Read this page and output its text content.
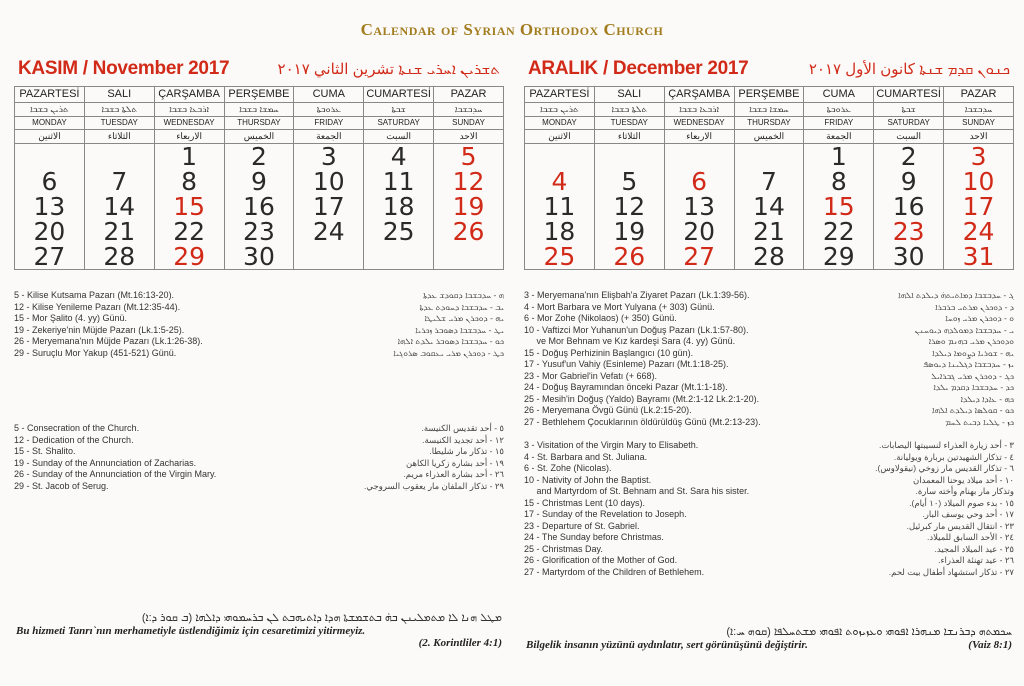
Calendar of Syrian Orthodox Church
KASIM / November 2017	ܬܫܪܝܢ ܐܚܪܝ ܫܢܬܐ تشرين الثاني ٢٠١٧
PAZARTESİ	SALI	ÇARŞAMBA	PERŞEMBE	CUMA	CUMARTESİ	PAZAR
ܬܪܝܢ ܒܫܒܐ	ܬܠܬܐ ܒܫܒܐ	ܐܪܒܥܐ ܒܫܒܐ	ܚܡܫܐ ܒܫܒܐ	ܥܪܘܒܬܐ	ܫܒܬܐ	ܚܕܒܫܒܐ
MONDAY	TUESDAY	WEDNESDAY	THURSDAY	FRIDAY	SATURDAY	SUNDAY
الاثنين	الثلاثاء	الاربعاء	الخميس	الجمعة	السبت	الاحد
		1	2	3	4	5
6	7	8	9	10	11	12
13	14	15	16	17	18	19
20	21	22	23	24	25	26
27	28	29	30			
5 - Kilise Kutsama Pazarı (Mt.16:13-20).	ܗ - ܚܕܒܫܒܐ ܕܩܘܕܫ ܥܕܬܐ
12 - Kilise Yenileme Pazarı (Mt.12:35-44).	ܝܒ - ܚܕܒܫܒܐ ܕܚܘܕܬ ܥܕܬܐ
15 - Mor Şalito (4. yy) Günü.	ܝܗ - ܕܘܟܪܢ ܡܪܝ ܫܠܝܛܐ
19 - Zekeriye'nin Müjde Pazarı (Lk.1:5-25).	ܝܛ - ܚܕܒܫܒܐ ܕܣܘܒܪ ܙܟܪܝܐ
26 - Meryemana'nın Müjde Pazarı (Lk.1:26-38).	ܟܘ - ܚܕܒܫܒܐ ܕܣܘܒܪ ܝܠܕܬ ܐܠܗܐ
29 - Suruçlu Mor Yakup (451-521) Günü.	ܟܛ - ܕܘܟܪܢ ܡܪܝ ܝܥܩܘܒ ܣܪܘܓܝܐ
5 - Consecration of the Church.	٥ - أحد تقديس الكنيسة.
12 - Dedication of the Church.	١٢ - أحد تجديد الكنيسة.
15 - St. Shalito.	١٥ - تذكار مار شليطا.
19 - Sunday of the Annunciation of Zacharias.	١٩ - أحد بشارة زكريا الكاهن
26 - Sunday of the Annunciation of the Virgin Mary.	٢٦ - أحد بشارة العذراء مريم.
29 - St. Jacob of Serug.	٢٩ - تذكار الملفان مار يعقوب السروجي.
ܡܛܠ ܗܢܐ ܠܐ ܡܬܡܠܝܢܢ ܒܗ̇ ܒܬܫܡܫܬܐ ܗܕܐ ܕܐܬܝܗܒܬ ܠܢ ܒܪܚܡܘܗܝ ܕܐܠܗܐ (ܒ ܩܘܪ ܕ:ܐ)
Bu hizmeti Tanrı`nın merhametiyle üstlendiğimiz için cesaretimizi yitirmeyiz.
(2. Korintliler 4:1)
ARALIK / December 2017	ܟܢܘܢ ܩܕܡ ܫܢܬܐ كانون الأول ٢٠١٧
PAZARTESİ	SALI	ÇARŞAMBA	PERŞEMBE	CUMA	CUMARTESİ	PAZAR
ܬܪܝܢ ܒܫܒܐ	ܬܠܬܐ ܒܫܒܐ	ܐܪܒܥܐ ܒܫܒܐ	ܚܡܫܐ ܒܫܒܐ	ܥܪܘܒܬܐ	ܫܒܬܐ	ܚܕܒܫܒܐ
MONDAY	TUESDAY	WEDNESDAY	THURSDAY	FRIDAY	SATURDAY	SUNDAY
الاثنين	الثلاثاء	الاربعاء	الخميس	الجمعة	السبت	الاحد
				1	2	3
4	5	6	7	8	9	10
11	12	13	14	15	16	17
18	19	20	21	22	23	24
25	26	27	28	29	30	31
3 - Meryemana'nın Elişbah'a Ziyaret Pazarı (Lk.1:39-56).	ܓ - ܚܕܒܫܒܐ ܕܡܐܬܝܬܗ̇ ܕܝܠܕܬ ܐܠܗܐ
4 - Mort Barbara ve Mort Yulyana (+ 303) Günü.	ܕ - ܕܘܟܪܢ ܡܪܬܝ ܒܪܒܪܐ
6 - Mor Zohe (Nikolaos) (+ 350) Günü.	ܘ - ܕܘܟܪܢ ܡܪܝ ܙܘܚܐ
10 - Vaftizci Mor Yuhanun'un Doğuş Pazarı (Lk.1:57-80).	ܝ - ܚܕܒܫܒܐ ܕܡܘܠܕܗ ܕܝܘܚܢܢ
ve Mor Behnam ve Kız kardeşi Sara (4. yy) Günü.	ܘܕܘܟܪܢ ܡܪܝ ܒܗܢܡ ܘܣܪܐ
15 - Doğuş Perhizinin Başlangıcı (10 gün).	ܝܗ - ܫܘܪܝܐ ܕܨܘܡܐ ܕܝܠܕܐ
17 - Yusuf'un Vahiy (Esinleme) Pazarı (Mt.1:18-25).	ܝܙ - ܚܕܒܫܒܐ ܕܓܠܝܢܐ ܕܝܘܣܦ
23 - Mor Gabriel'in Vefatı (+ 668).	ܟܓ - ܕܘܟܪܢ ܡܪܝ ܓܒܪܐܝܠ
24 - Doğuş Bayramından önceki Pazar (Mt.1:1-18).	ܟܕ - ܚܕܒܫܒܐ ܕܩܕܡ ܝܠܕܐ
25 - Mesih'in Doğuş (Yaldo) Bayramı (Mt.2:1-12 Lk.2:1-20).	ܟܗ - ܥܐܕܐ ܕܝܠܕܐ
26 - Meryemana Övgü Günü (Lk.2:15-20).	ܟܘ - ܩܘܠܣܐ ܕܝܠܕܬ ܐܠܗܐ
27 - Bethlehem Çocuklarının öldürüldüş Günü (Mt.2:13-23).	ܟܙ - ܛܠܝܐ ܕܒܝܬ ܠܚܡ
3 - Visitation of the Virgin Mary to Elisabeth.	٣ - أحد زيارة العذراء لنسيبتها اليصابات.
4 - St. Barbara and St. Juliana.	٤ - تذكار الشهيدتين بربارة ويوليانة.
6 - St. Zohe (Nicolas).	٦ - تذكار القديس مار زوخي (نيقولاوس).
10 - Nativity of John the Baptist.	١٠ - أحد ميلاد يوحنا المعمدان
and Martyrdom of St. Behnam and St. Sara his sister.	وتذكار مار بهنام وأخته سارة.
15 - Christmas Lent (10 days).	١٥ - بدء صوم الميلاد (١٠ أيام).
17 - Sunday of the Revelation to Joseph.	١٧ - أحد وحي يوسف البار.
23 - Departure of St. Gabriel.	٢٣ - انتقال القديس مار كبرئيل.
24 - The Sunday before Christmas.	٢٤ - الأحد السابق للميلاد.
25 - Christmas Day.	٢٥ - عيد الميلاد المجيد.
26 - Glorification of the Mother of God.	٢٦ - عيد تهنئة العذراء.
27 - Martyrdom of the Children of Bethlehem.	٢٧ - تذكار استشهاد أطفال بيت لحم.
ܚܟܡܬܗ ܕܒܪܢܫܐ ܡܢܗܪܐ ܐܦܘܗܝ ܘܥܙܝܙܘܬ ܐܦܘܗܝ ܡܫܬܚܠܦܐ (ܩܘܗ ܚ:ܐ)
Bilgelik insanın yüzünü aydınlatır, sert görünüşünü değiştirir.	(Vaiz 8:1)
